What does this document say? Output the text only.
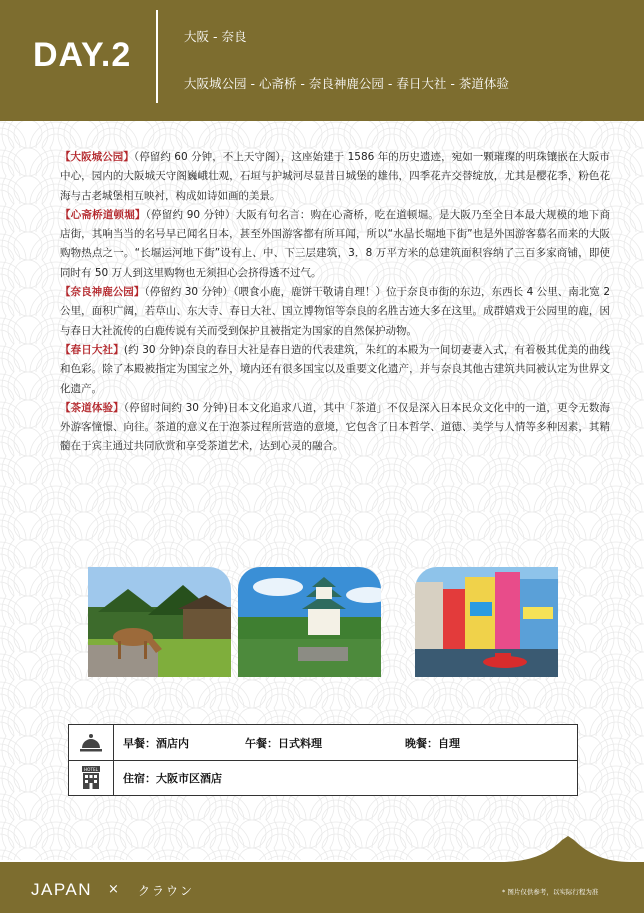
DAY.2	大阪 - 奈良
大阪城公园 - 心斋桥 - 奈良神鹿公园 - 春日大社 - 茶道体验

【大阪城公园】（停留约 60 分钟，不上天守阁），这座始建于 1586 年的历史遗迹，宛如一颗璀璨的明珠镶嵌在大阪市中心，园内的大阪城天守阁巍峨壮观，石垣与护城河尽显昔日城堡的雄伟，四季花卉交替绽放，尤其是樱花季，粉色花海与古老城堡相互映衬，构成如诗如画的美景。

【心斋桥道顿堀】（停留约 90 分钟）大阪有句名言：购在心斋桥，吃在道顿堀。是大阪乃至全日本最大规模的地下商店街，其响当当的名号早已闻名日本，甚至外国游客都有所耳闻，所以“水晶长堀地下街”也是外国游客慕名而来的大阪购物热点之一。“长堀运河地下街”设有上、中、下三层建筑，3．8 万平方米的总建筑面积容纳了三百多家商铺，即使同时有 50 万人到这里购物也无须担心会挤得透不过气。

【奈良神鹿公园】（停留约 30 分钟）（喂食小鹿，鹿饼干敬请自理！）位于奈良市街的东边，东西长 4 公里、南北宽 2 公里，面积广阔，若草山、东大寺、春日大社、国立博物馆等奈良的名胜古迹大多在这里。成群嬉戏于公园里的鹿，因与春日大社流传的白鹿传说有关而受到保护且被指定为国家的自然保护动物。

【春日大社】(约 30 分钟)奈良的春日大社是春日造的代表建筑，朱红的本殿为一间切妻妻入式，有着极其优美的曲线和色彩。除了本殿被指定为国宝之外，境内还有很多国宝以及重要文化遗产，并与奈良其他古建筑共同被认定为世界文化遗产。

【茶道体验】（停留时间约 30 分钟)日本文化追求八道，其中「茶道」不仅是深入日本民众文化中的一道，更令无数海外游客憧憬、向往。茶道的意义在于泡茶过程所营造的意境，它包含了日本哲学、道德、美学与人情等多种因素，其精髓在于宾主通过共同欣赏和享受茶道艺术，达到心灵的融合。

早餐：酒店内	午餐：日式料理	晚餐：自理
HOTEL
住宿：大阪市区酒店
JAPAN × クラウン	* 图片仅供参考，以实际行程为准
